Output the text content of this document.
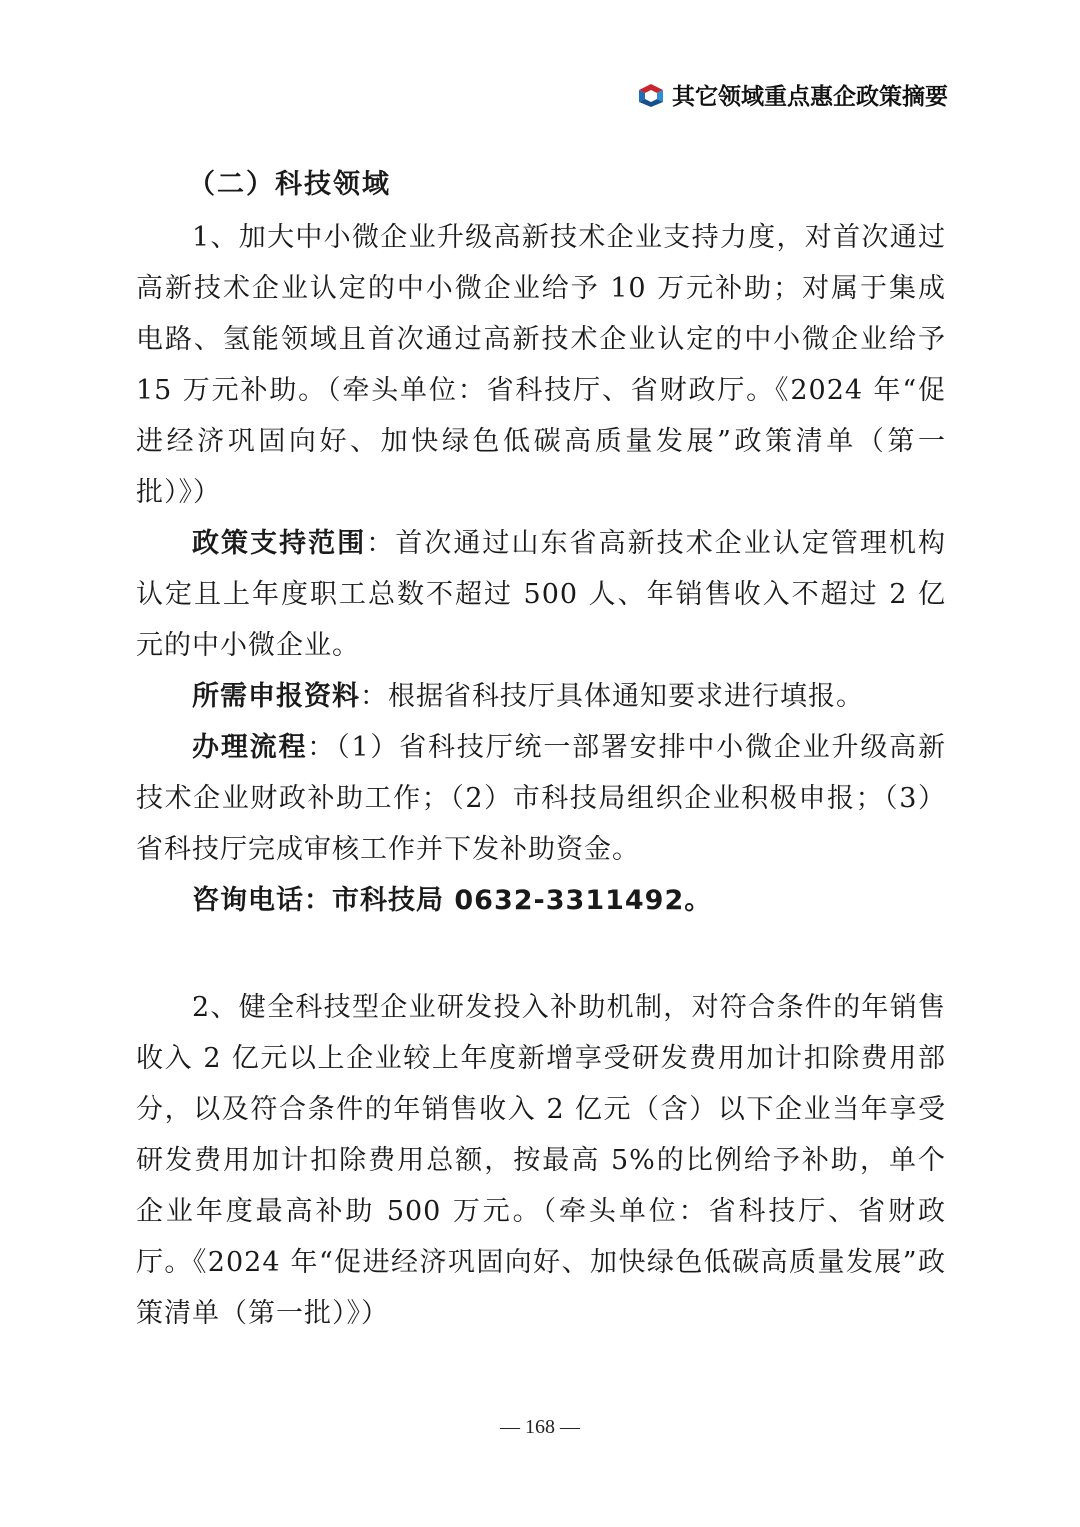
其它领域重点惠企政策摘要
（二）科技领域

1、加大中小微企业升级高新技术企业支持力度，对首次通过高新技术企业认定的中小微企业给予 10 万元补助；对属于集成电路、氢能领域且首次通过高新技术企业认定的中小微企业给予 15 万元补助。（牵头单位：省科技厅、省财政厅。《2024 年“促进经济巩固向好、加快绿色低碳高质量发展”政策清单（第一批）》）

政策支持范围：首次通过山东省高新技术企业认定管理机构认定且上年度职工总数不超过 500 人、年销售收入不超过 2 亿元的中小微企业。

所需申报资料：根据省科技厅具体通知要求进行填报。

办理流程：（1）省科技厅统一部署安排中小微企业升级高新技术企业财政补助工作；（2）市科技局组织企业积极申报；（3）省科技厅完成审核工作并下发补助资金。

咨询电话：市科技局 0632-3311492。

2、健全科技型企业研发投入补助机制，对符合条件的年销售收入 2 亿元以上企业较上年度新增享受研发费用加计扣除费用部分，以及符合条件的年销售收入 2 亿元（含）以下企业当年享受研发费用加计扣除费用总额，按最高 5%的比例给予补助，单个企业年度最高补助 500 万元。（牵头单位：省科技厅、省财政厅。《2024 年“促进经济巩固向好、加快绿色低碳高质量发展”政策清单（第一批）》）

— 168 —
